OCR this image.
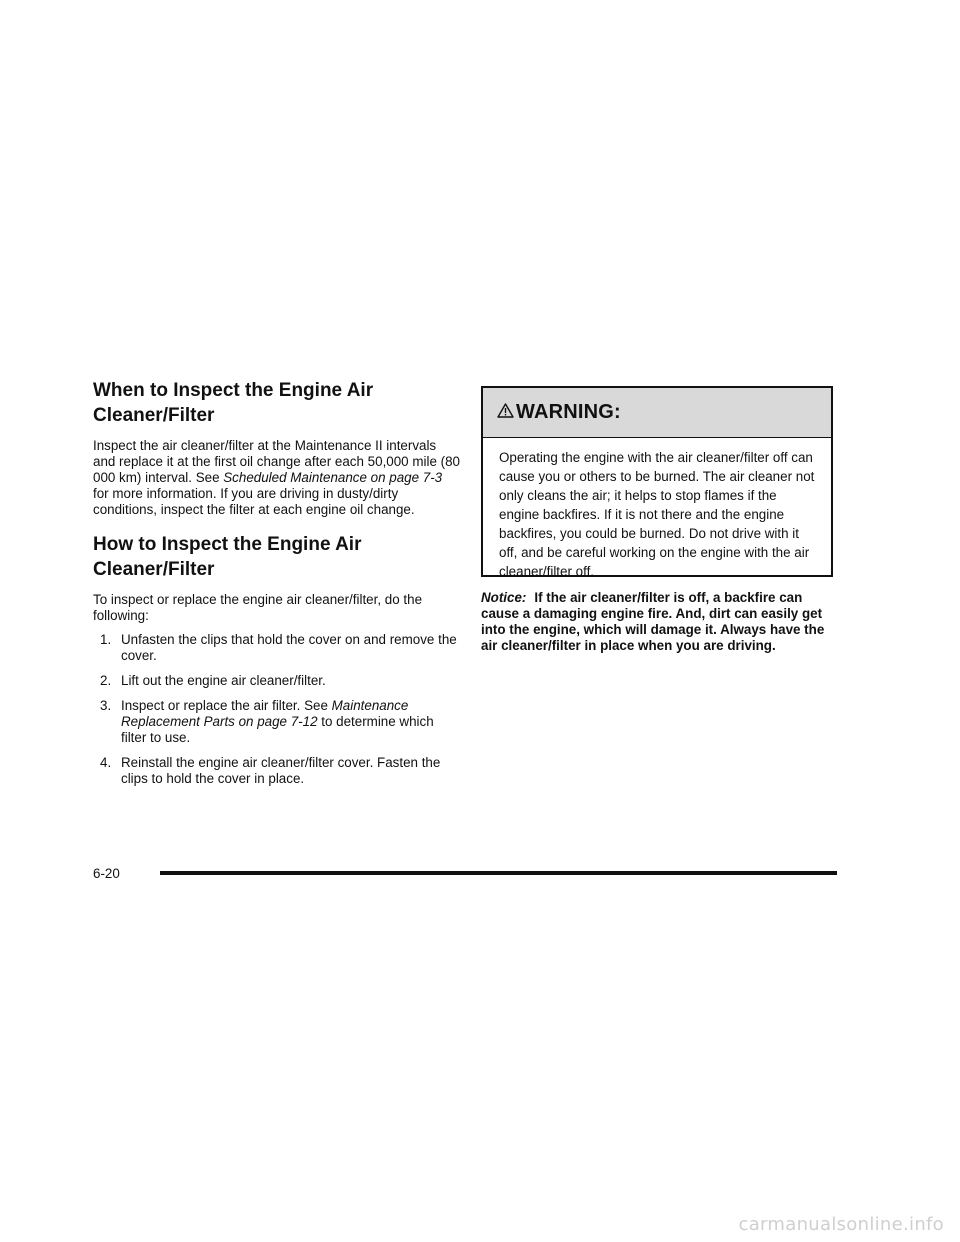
When to Inspect the Engine Air
Cleaner/Filter

Inspect the air cleaner/filter at the Maintenance II intervals and replace it at the first oil change after each 50,000 mile (80 000 km) interval. See Scheduled Maintenance on page 7-3 for more information. If you are driving in dusty/dirty conditions, inspect the filter at each engine oil change.

How to Inspect the Engine Air
Cleaner/Filter

To inspect or replace the engine air cleaner/filter, do the following:

1. Unfasten the clips that hold the cover on and remove the cover.
2. Lift out the engine air cleaner/filter.
3. Inspect or replace the air filter. See Maintenance Replacement Parts on page 7-12 to determine which filter to use.
4. Reinstall the engine air cleaner/filter cover. Fasten the clips to hold the cover in place.
WARNING:
Operating the engine with the air cleaner/filter off can cause you or others to be burned. The air cleaner not only cleans the air; it helps to stop flames if the engine backfires. If it is not there and the engine backfires, you could be burned. Do not drive with it off, and be careful working on the engine with the air cleaner/filter off.

Notice: If the air cleaner/filter is off, a backfire can cause a damaging engine fire. And, dirt can easily get into the engine, which will damage it. Always have the air cleaner/filter in place when you are driving.

6-20
carmanualsonline.info
